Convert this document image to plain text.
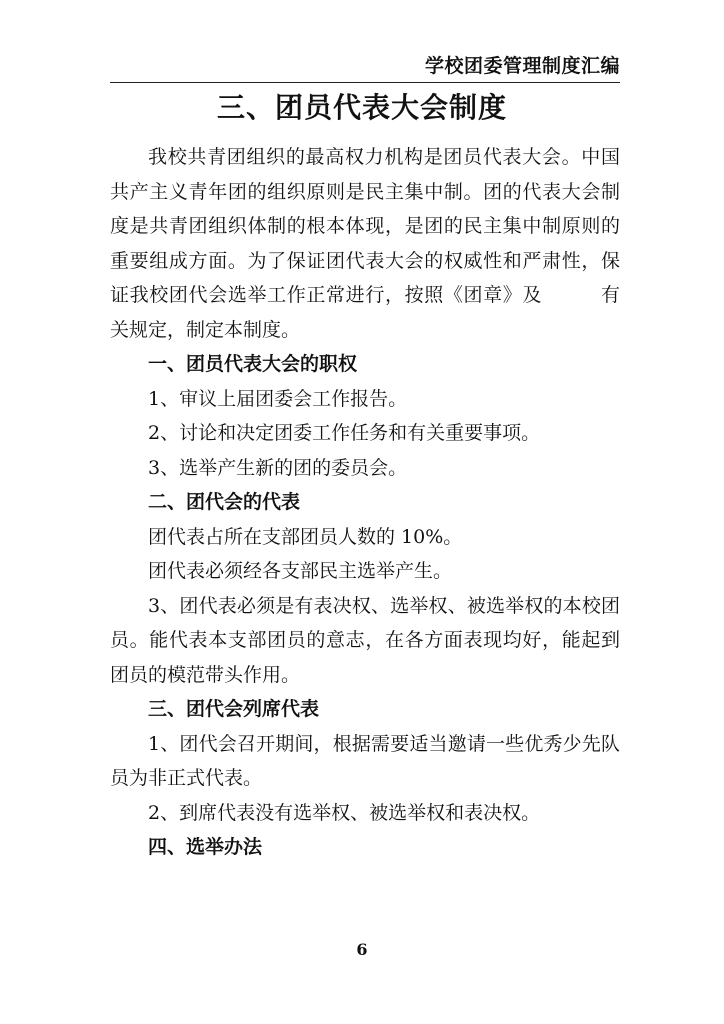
学校团委管理制度汇编
三、团员代表大会制度

我校共青团组织的最高权力机构是团员代表大会。中国共产主义青年团的组织原则是民主集中制。团的代表大会制度是共青团组织体制的根本体现，是团的民主集中制原则的重要组成方面。为了保证团代表大会的权威性和严肃性，保证我校团代会选举工作正常进行，按照《团章》及　　　有关规定，制定本制度。

一、团员代表大会的职权

1、审议上届团委会工作报告。

2、讨论和决定团委工作任务和有关重要事项。

3、选举产生新的团的委员会。

二、团代会的代表

团代表占所在支部团员人数的 10%。

团代表必须经各支部民主选举产生。

3、团代表必须是有表决权、选举权、被选举权的本校团员。能代表本支部团员的意志，在各方面表现均好，能起到团员的模范带头作用。

三、团代会列席代表

1、团代会召开期间，根据需要适当邀请一些优秀少先队员为非正式代表。

2、到席代表没有选举权、被选举权和表决权。

四、选举办法

6
